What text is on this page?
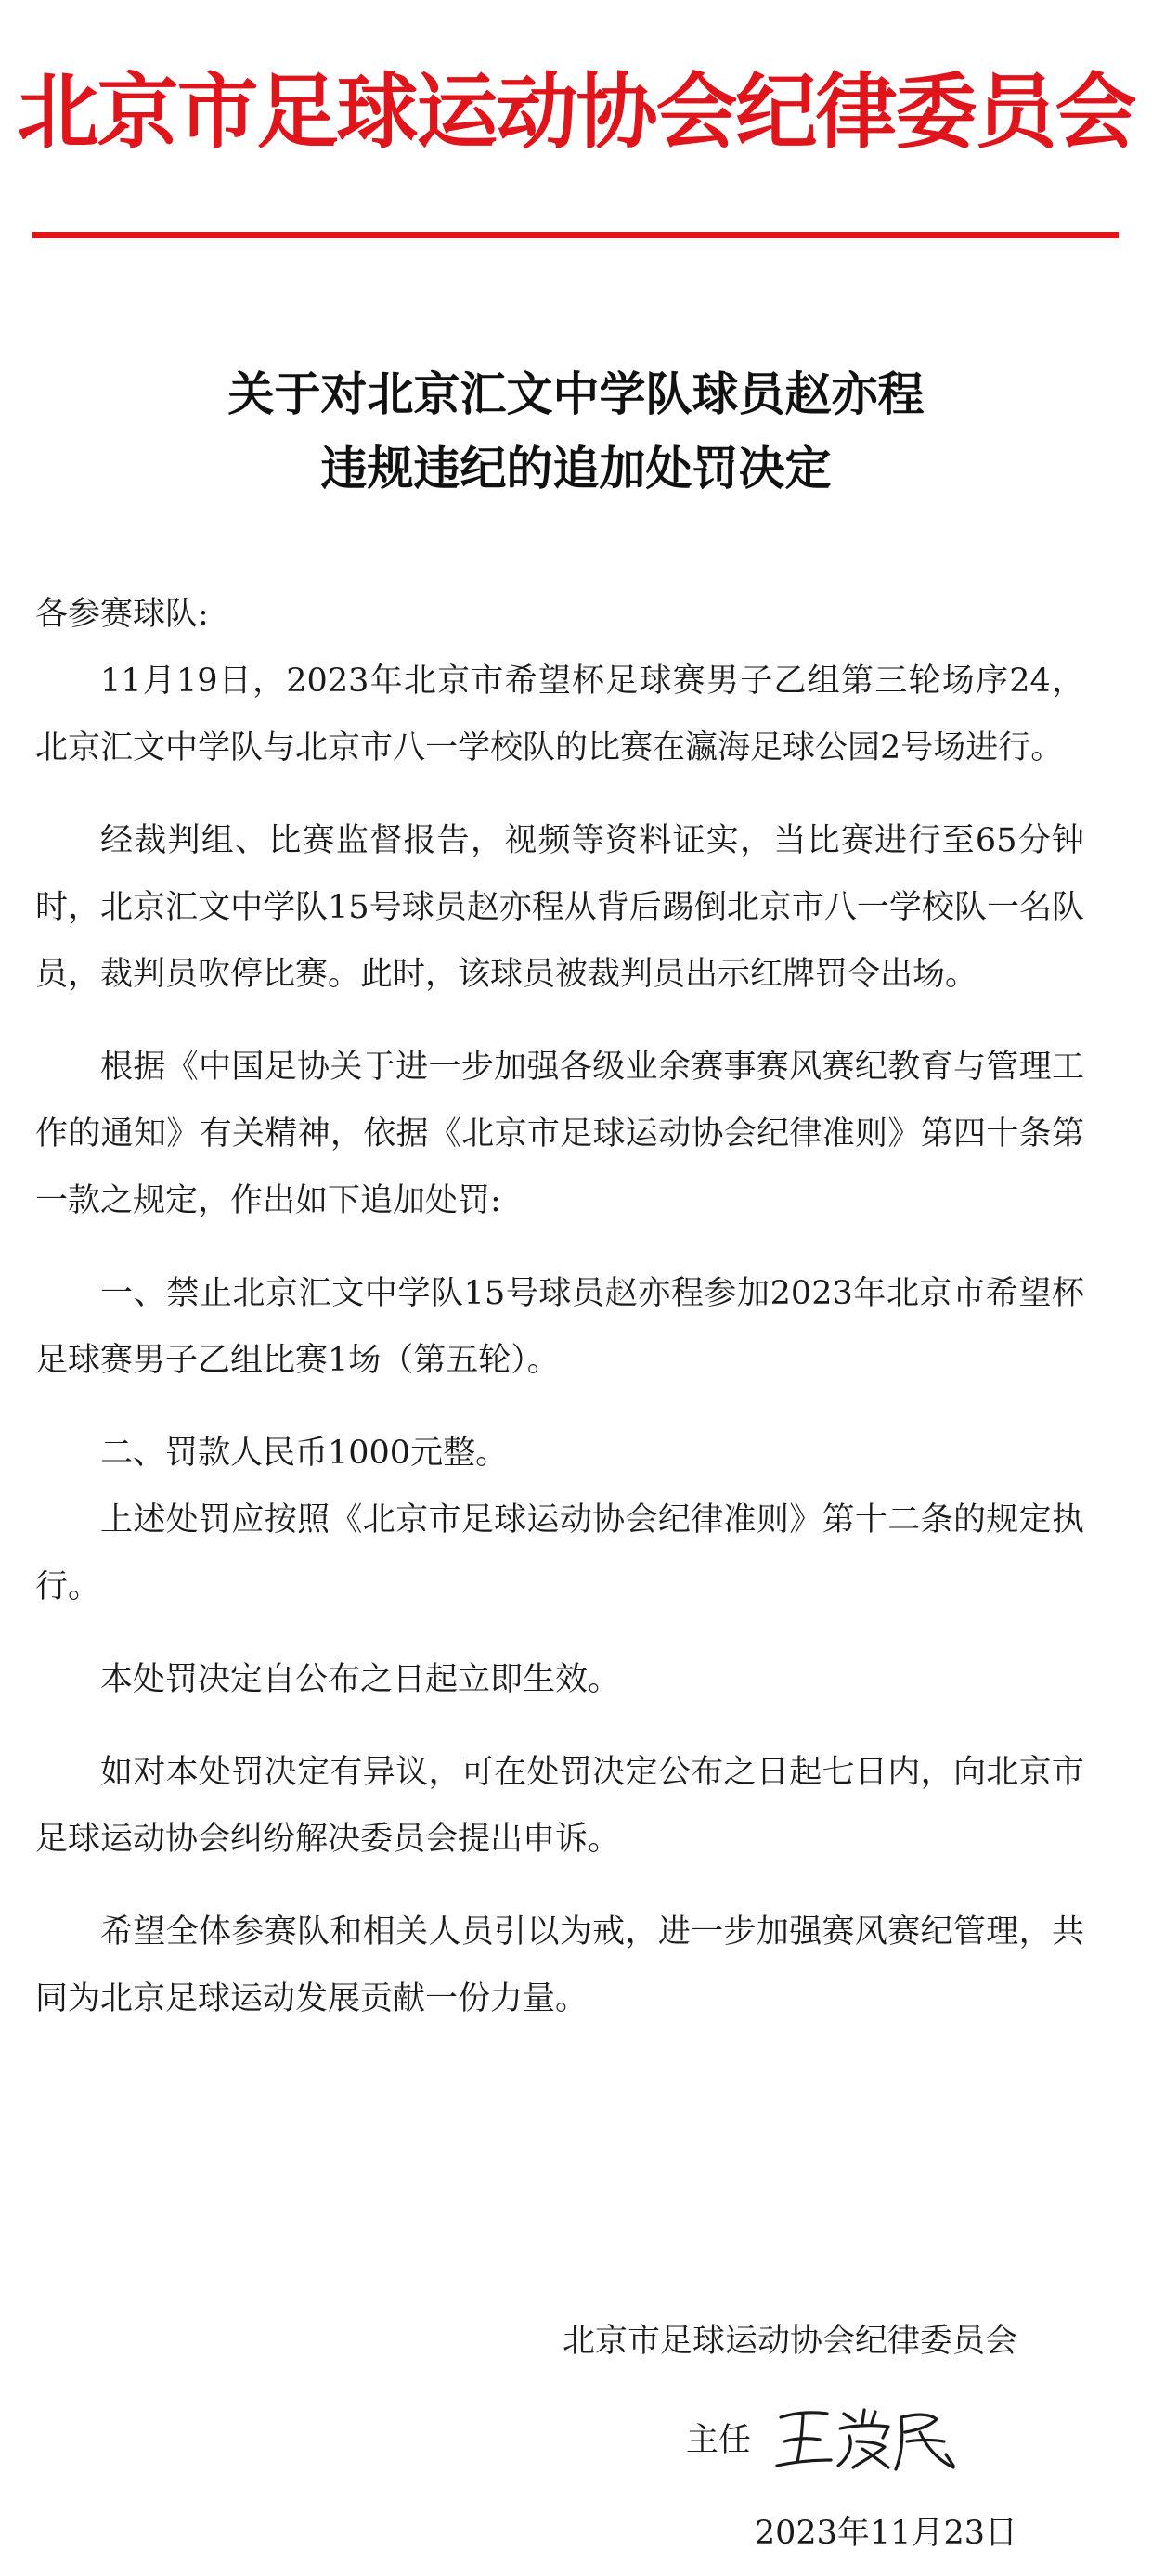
北京市足球运动协会纪律委员会
关于对北京汇文中学队球员赵亦程
违规违纪的追加处罚决定

各参赛球队:

11月19日，2023年北京市希望杯足球赛男子乙组第三轮场序24，北京汇文中学队与北京市八一学校队的比赛在瀛海足球公园2号场进行。

经裁判组、比赛监督报告，视频等资料证实，当比赛进行至65分钟时，北京汇文中学队15号球员赵亦程从背后踢倒北京市八一学校队一名队员，裁判员吹停比赛。此时，该球员被裁判员出示红牌罚令出场。

根据《中国足协关于进一步加强各级业余赛事赛风赛纪教育与管理工作的通知》有关精神，依据《北京市足球运动协会纪律准则》第四十条第一款之规定，作出如下追加处罚:

一、禁止北京汇文中学队15号球员赵亦程参加2023年北京市希望杯足球赛男子乙组比赛1场（第五轮）。

二、罚款人民币1000元整。

上述处罚应按照《北京市足球运动协会纪律准则》第十二条的规定执行。

本处罚决定自公布之日起立即生效。

如对本处罚决定有异议，可在处罚决定公布之日起七日内，向北京市足球运动协会纠纷解决委员会提出申诉。

希望全体参赛队和相关人员引以为戒，进一步加强赛风赛纪管理，共同为北京足球运动发展贡献一份力量。

北京市足球运动协会纪律委员会
主任
2023年11月23日
